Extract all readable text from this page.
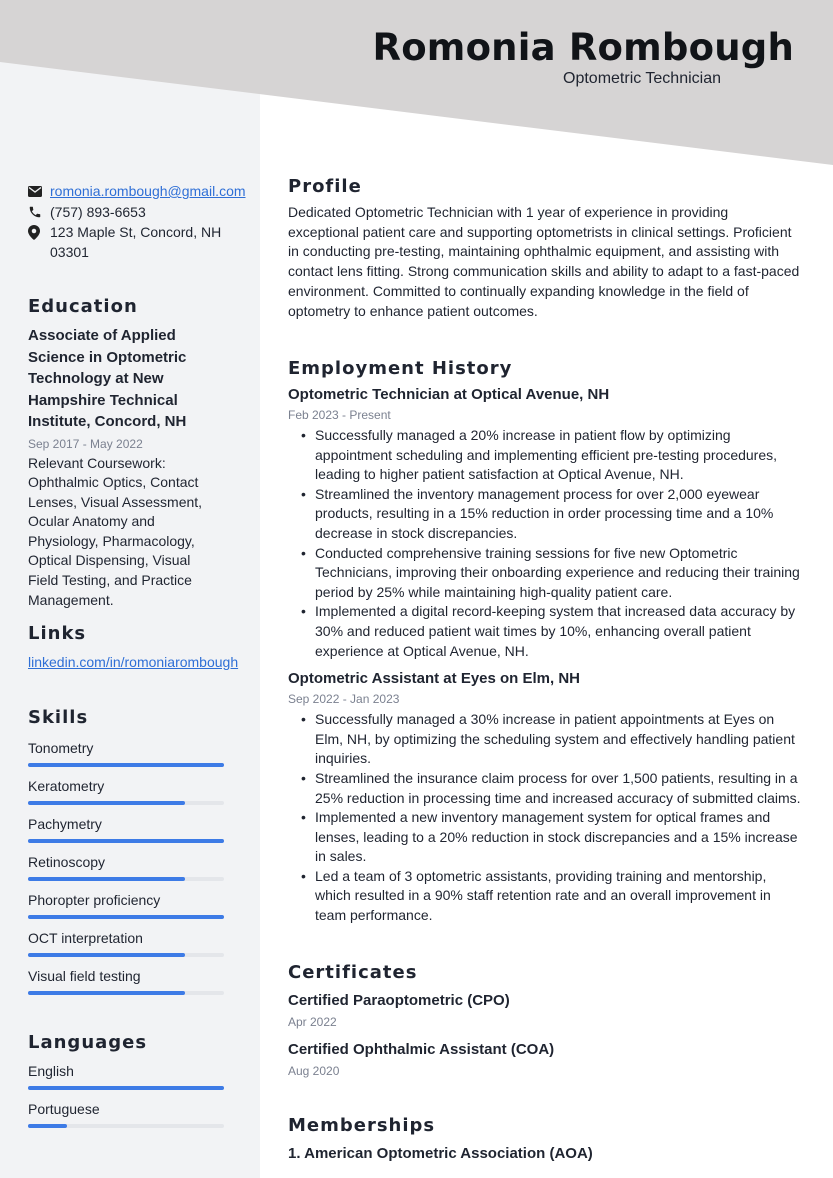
Romonia Rombough
Optometric Technician
romonia.rombough@gmail.com
(757) 893-6653
123 Maple St, Concord, NH 03301
Education
Associate of Applied Science in Optometric Technology at New Hampshire Technical Institute, Concord, NH
Sep 2017 - May 2022
Relevant Coursework: Ophthalmic Optics, Contact Lenses, Visual Assessment, Ocular Anatomy and Physiology, Pharmacology, Optical Dispensing, Visual Field Testing, and Practice Management.
Links
linkedin.com/in/romoniarombough
Skills
Tonometry
Keratometry
Pachymetry
Retinoscopy
Phoropter proficiency
OCT interpretation
Visual field testing
Languages
English
Portuguese
Profile
Dedicated Optometric Technician with 1 year of experience in providing exceptional patient care and supporting optometrists in clinical settings. Proficient in conducting pre-testing, maintaining ophthalmic equipment, and assisting with contact lens fitting. Strong communication skills and ability to adapt to a fast-paced environment. Committed to continually expanding knowledge in the field of optometry to enhance patient outcomes.
Employment History
Optometric Technician at Optical Avenue, NH
Feb 2023 - Present
• Successfully managed a 20% increase in patient flow by optimizing appointment scheduling and implementing efficient pre-testing procedures, leading to higher patient satisfaction at Optical Avenue, NH.
• Streamlined the inventory management process for over 2,000 eyewear products, resulting in a 15% reduction in order processing time and a 10% decrease in stock discrepancies.
• Conducted comprehensive training sessions for five new Optometric Technicians, improving their onboarding experience and reducing their training period by 25% while maintaining high-quality patient care.
• Implemented a digital record-keeping system that increased data accuracy by 30% and reduced patient wait times by 10%, enhancing overall patient experience at Optical Avenue, NH.
Optometric Assistant at Eyes on Elm, NH
Sep 2022 - Jan 2023
• Successfully managed a 30% increase in patient appointments at Eyes on Elm, NH, by optimizing the scheduling system and effectively handling patient inquiries.
• Streamlined the insurance claim process for over 1,500 patients, resulting in a 25% reduction in processing time and increased accuracy of submitted claims.
• Implemented a new inventory management system for optical frames and lenses, leading to a 20% reduction in stock discrepancies and a 15% increase in sales.
• Led a team of 3 optometric assistants, providing training and mentorship, which resulted in a 90% staff retention rate and an overall improvement in team performance.
Certificates
Certified Paraoptometric (CPO)
Apr 2022
Certified Ophthalmic Assistant (COA)
Aug 2020
Memberships
1. American Optometric Association (AOA)
